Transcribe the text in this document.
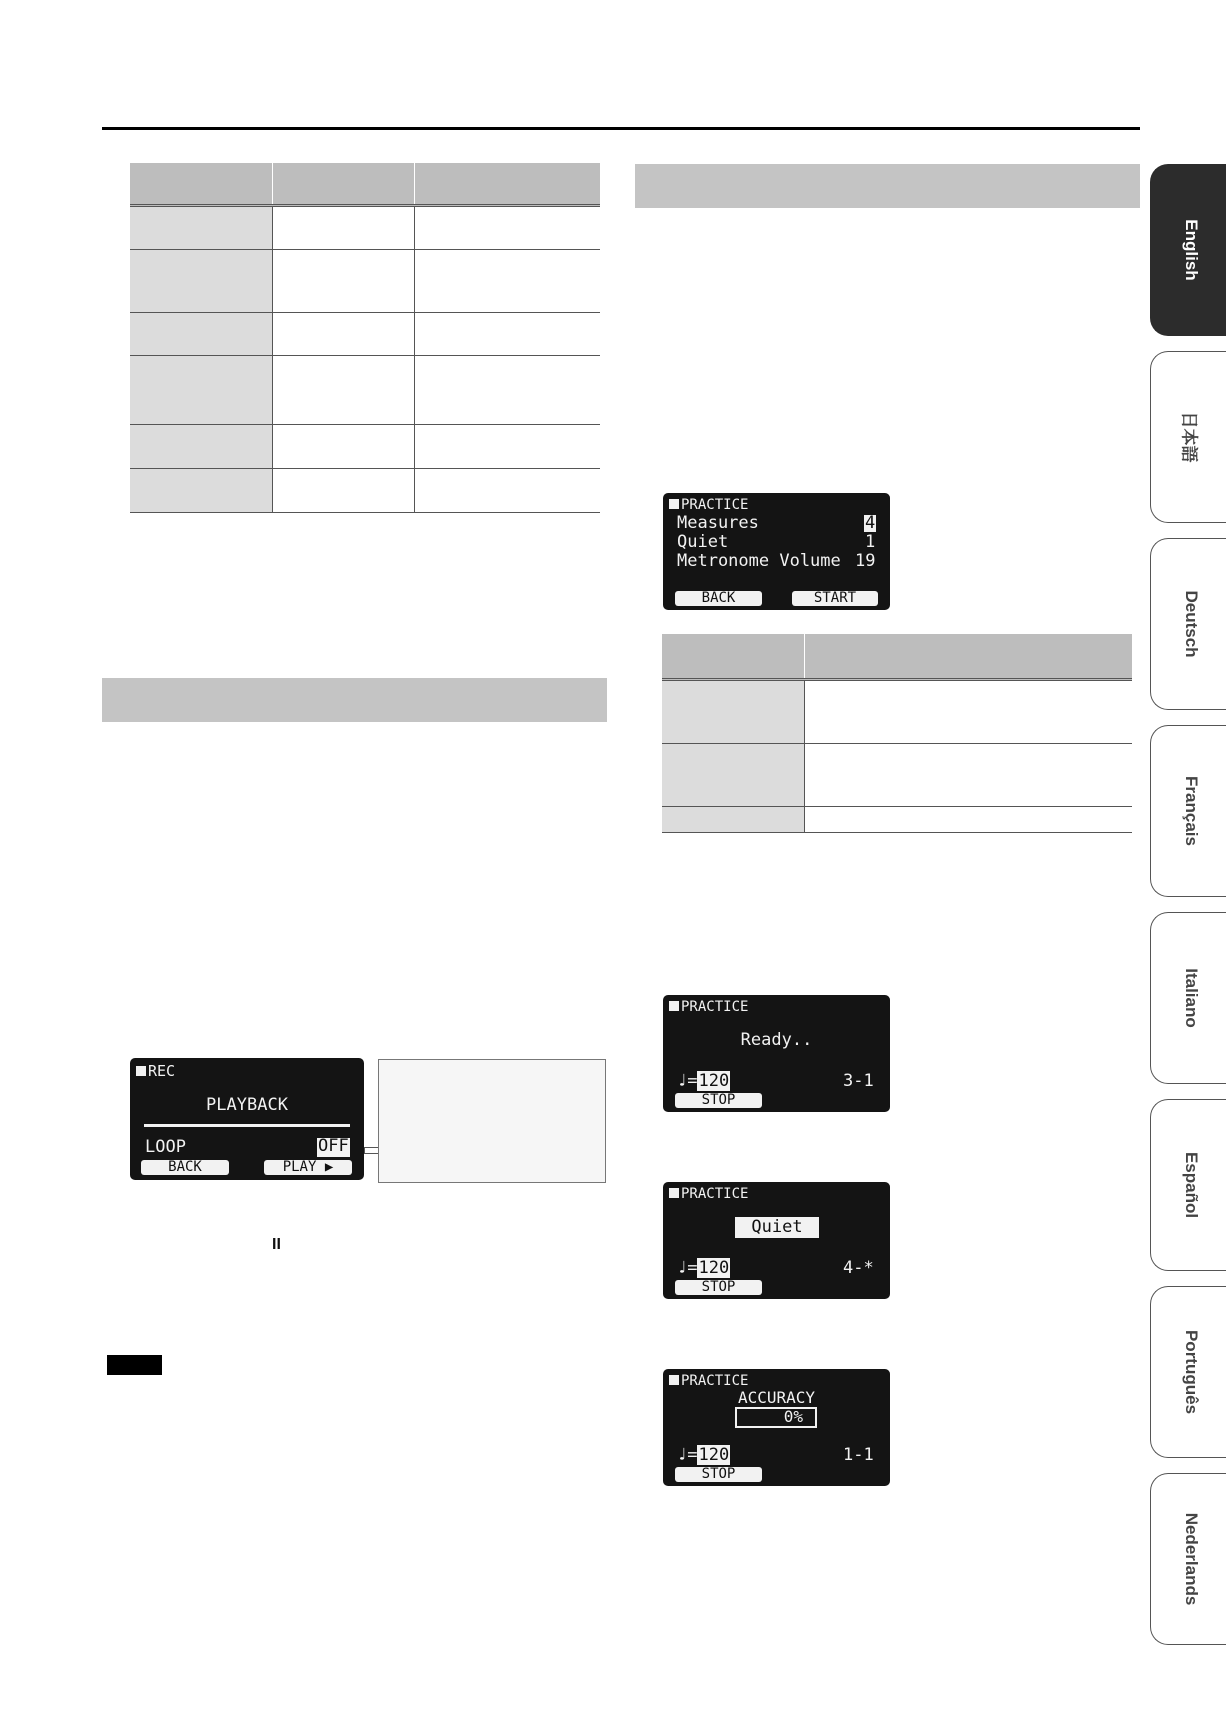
REC
PLAYBACK
LOOP	OFF
BACK	PLAY ▶
II
PRACTICE
Measures	4
Quiet	1
Metronome Volume 19
BACK	START
PRACTICE
Ready..
♩=120	3-1
STOP
PRACTICE
Quiet
♩=120	4-*
STOP
PRACTICE
ACCURACY
0%
♩=120	1-1
STOP
English
日本語
Deutsch
Français
Italiano
Español
Português
Nederlands
